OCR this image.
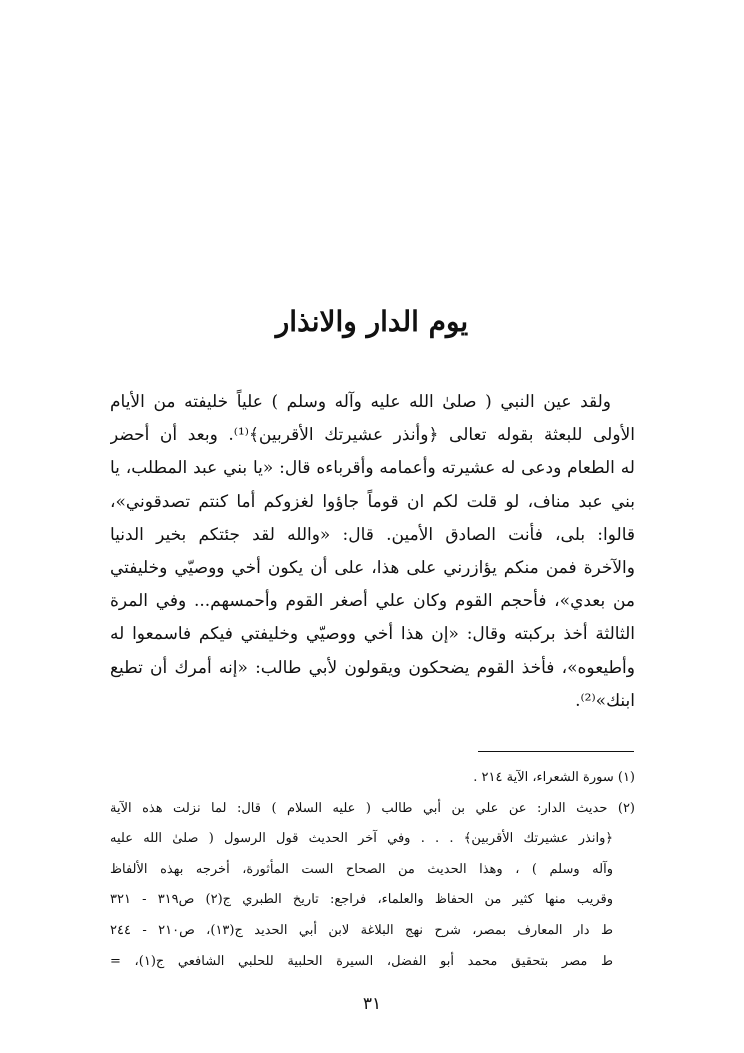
يوم الدار والانذار
ولقد عين النبي ( صلىٰ الله عليه وآله وسلم ) علياً خليفته من الأيام
الأولى للبعثة بقوله تعالى ﴿وأنذر عشيرتك الأقربين﴾⁽¹⁾. وبعد أن أحضر
له الطعام ودعى له عشيرته وأعمامه وأقرباءه قال: «يا بني عبد المطلب، يا
بني عبد مناف، لو قلت لكم ان قوماً جاؤوا لغزوكم أما كنتم تصدقوني»،
قالوا: بلى، فأنت الصادق الأمين. قال: «والله لقد جئتكم بخير الدنيا
والآخرة فمن منكم يؤازرني على هذا، على أن يكون أخي ووصيّي وخليفتي
من بعدي»، فأحجم القوم وكان علي أصغر القوم وأحمسهم... وفي المرة
الثالثة أخذ بركبته وقال: «إن هذا أخي ووصيّي وخليفتي فيكم فاسمعوا له
وأطيعوه»، فأخذ القوم يضحكون ويقولون لأبي طالب: «إنه أمرك أن تطيع
ابنك»⁽²⁾.
(١) سورة الشعراء، الآية ٢١٤ .
(٢) حديث الدار: عن علي بن أبي طالب ( عليه السلام ) قال: لما نزلت هذه الآية
﴿وانذر عشيرتك الأقربين﴾ . . . وفي آخر الحديث قول الرسول ( صلىٰ الله عليه
وآله وسلم ) ، وهذا الحديث من الصحاح الست المأثورة، أخرجه بهذه الألفاظ
وقريب منها كثير من الحفاظ والعلماء، فراجع: تاريخ الطبري ج(٢) ص٣١٩ - ٣٢١
ط دار المعارف بمصر، شرح نهج البلاغة لابن أبي الحديد ج(١٣)، ص٢١٠ - ٢٤٤
ط مصر بتحقيق محمد أبو الفضل، السيرة الحلبية للحلبي الشافعي ج(١)، =
٣١
